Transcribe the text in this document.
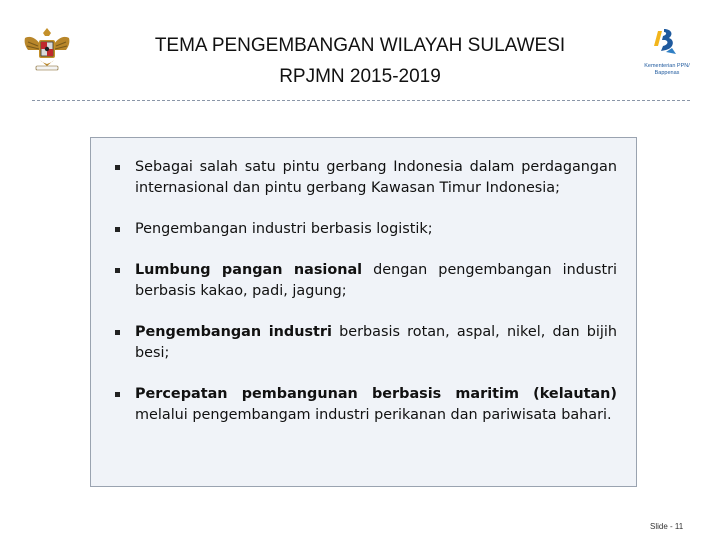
TEMA PENGEMBANGAN WILAYAH SULAWESI
RPJMN 2015-2019	Kementerian PPN/
Bappenas
Sebagai salah satu pintu gerbang Indonesia dalam perdagangan internasional dan pintu gerbang Kawasan Timur Indonesia;
Pengembangan industri berbasis logistik;
Lumbung pangan nasional dengan pengembangan industri berbasis kakao, padi, jagung;
Pengembangan industri berbasis rotan, aspal, nikel, dan bijih besi;
Percepatan pembangunan berbasis maritim (kelautan) melalui pengembangam industri perikanan dan pariwisata bahari.
Slide - 11
